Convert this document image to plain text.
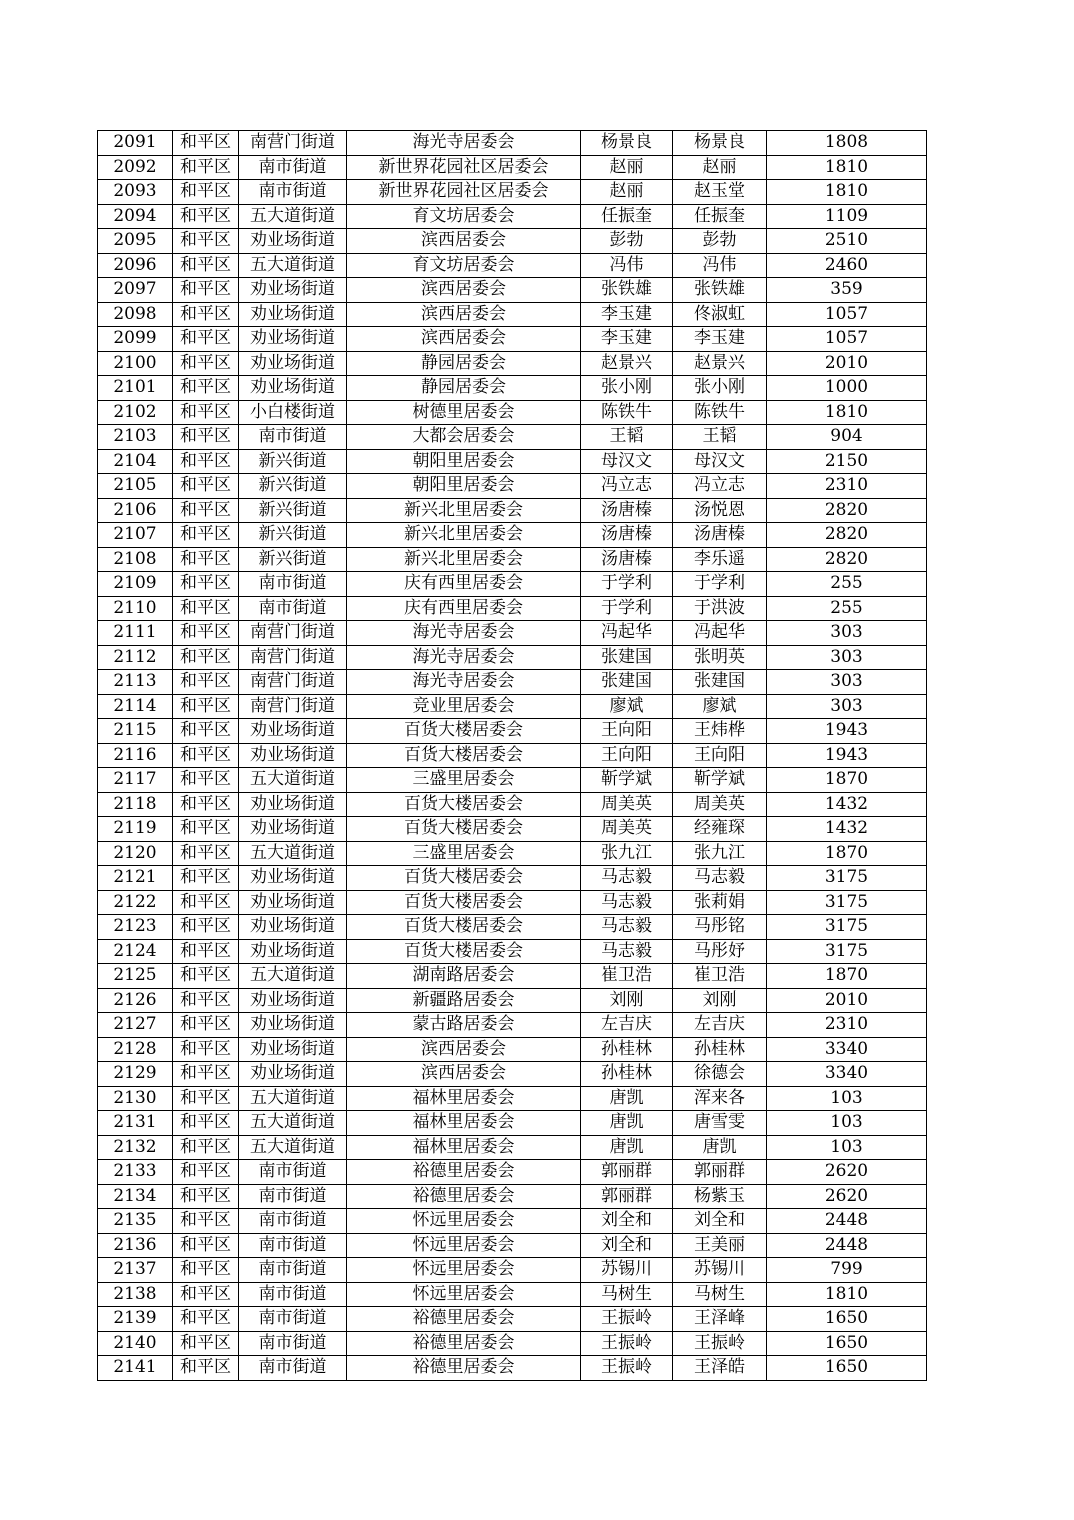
2091	和平区	南营门街道	海光寺居委会	杨景良	杨景良	1808
2092	和平区	南市街道	新世界花园社区居委会	赵丽	赵丽	1810
2093	和平区	南市街道	新世界花园社区居委会	赵丽	赵玉堂	1810
2094	和平区	五大道街道	育文坊居委会	任振奎	任振奎	1109
2095	和平区	劝业场街道	滨西居委会	彭勃	彭勃	2510
2096	和平区	五大道街道	育文坊居委会	冯伟	冯伟	2460
2097	和平区	劝业场街道	滨西居委会	张铁雄	张铁雄	359
2098	和平区	劝业场街道	滨西居委会	李玉建	佟淑虹	1057
2099	和平区	劝业场街道	滨西居委会	李玉建	李玉建	1057
2100	和平区	劝业场街道	静园居委会	赵景兴	赵景兴	2010
2101	和平区	劝业场街道	静园居委会	张小刚	张小刚	1000
2102	和平区	小白楼街道	树德里居委会	陈铁牛	陈铁牛	1810
2103	和平区	南市街道	大都会居委会	王韬	王韬	904
2104	和平区	新兴街道	朝阳里居委会	母汉文	母汉文	2150
2105	和平区	新兴街道	朝阳里居委会	冯立志	冯立志	2310
2106	和平区	新兴街道	新兴北里居委会	汤唐榛	汤悦恩	2820
2107	和平区	新兴街道	新兴北里居委会	汤唐榛	汤唐榛	2820
2108	和平区	新兴街道	新兴北里居委会	汤唐榛	李乐遥	2820
2109	和平区	南市街道	庆有西里居委会	于学利	于学利	255
2110	和平区	南市街道	庆有西里居委会	于学利	于洪波	255
2111	和平区	南营门街道	海光寺居委会	冯起华	冯起华	303
2112	和平区	南营门街道	海光寺居委会	张建国	张明英	303
2113	和平区	南营门街道	海光寺居委会	张建国	张建国	303
2114	和平区	南营门街道	竞业里居委会	廖斌	廖斌	303
2115	和平区	劝业场街道	百货大楼居委会	王向阳	王炜桦	1943
2116	和平区	劝业场街道	百货大楼居委会	王向阳	王向阳	1943
2117	和平区	五大道街道	三盛里居委会	靳学斌	靳学斌	1870
2118	和平区	劝业场街道	百货大楼居委会	周美英	周美英	1432
2119	和平区	劝业场街道	百货大楼居委会	周美英	经雍琛	1432
2120	和平区	五大道街道	三盛里居委会	张九江	张九江	1870
2121	和平区	劝业场街道	百货大楼居委会	马志毅	马志毅	3175
2122	和平区	劝业场街道	百货大楼居委会	马志毅	张莉娟	3175
2123	和平区	劝业场街道	百货大楼居委会	马志毅	马彤铭	3175
2124	和平区	劝业场街道	百货大楼居委会	马志毅	马彤妤	3175
2125	和平区	五大道街道	湖南路居委会	崔卫浩	崔卫浩	1870
2126	和平区	劝业场街道	新疆路居委会	刘刚	刘刚	2010
2127	和平区	劝业场街道	蒙古路居委会	左吉庆	左吉庆	2310
2128	和平区	劝业场街道	滨西居委会	孙桂林	孙桂林	3340
2129	和平区	劝业场街道	滨西居委会	孙桂林	徐德会	3340
2130	和平区	五大道街道	福林里居委会	唐凯	浑来各	103
2131	和平区	五大道街道	福林里居委会	唐凯	唐雪雯	103
2132	和平区	五大道街道	福林里居委会	唐凯	唐凯	103
2133	和平区	南市街道	裕德里居委会	郭丽群	郭丽群	2620
2134	和平区	南市街道	裕德里居委会	郭丽群	杨紫玉	2620
2135	和平区	南市街道	怀远里居委会	刘全和	刘全和	2448
2136	和平区	南市街道	怀远里居委会	刘全和	王美丽	2448
2137	和平区	南市街道	怀远里居委会	苏锡川	苏锡川	799
2138	和平区	南市街道	怀远里居委会	马树生	马树生	1810
2139	和平区	南市街道	裕德里居委会	王振岭	王泽峰	1650
2140	和平区	南市街道	裕德里居委会	王振岭	王振岭	1650
2141	和平区	南市街道	裕德里居委会	王振岭	王泽皓	1650
